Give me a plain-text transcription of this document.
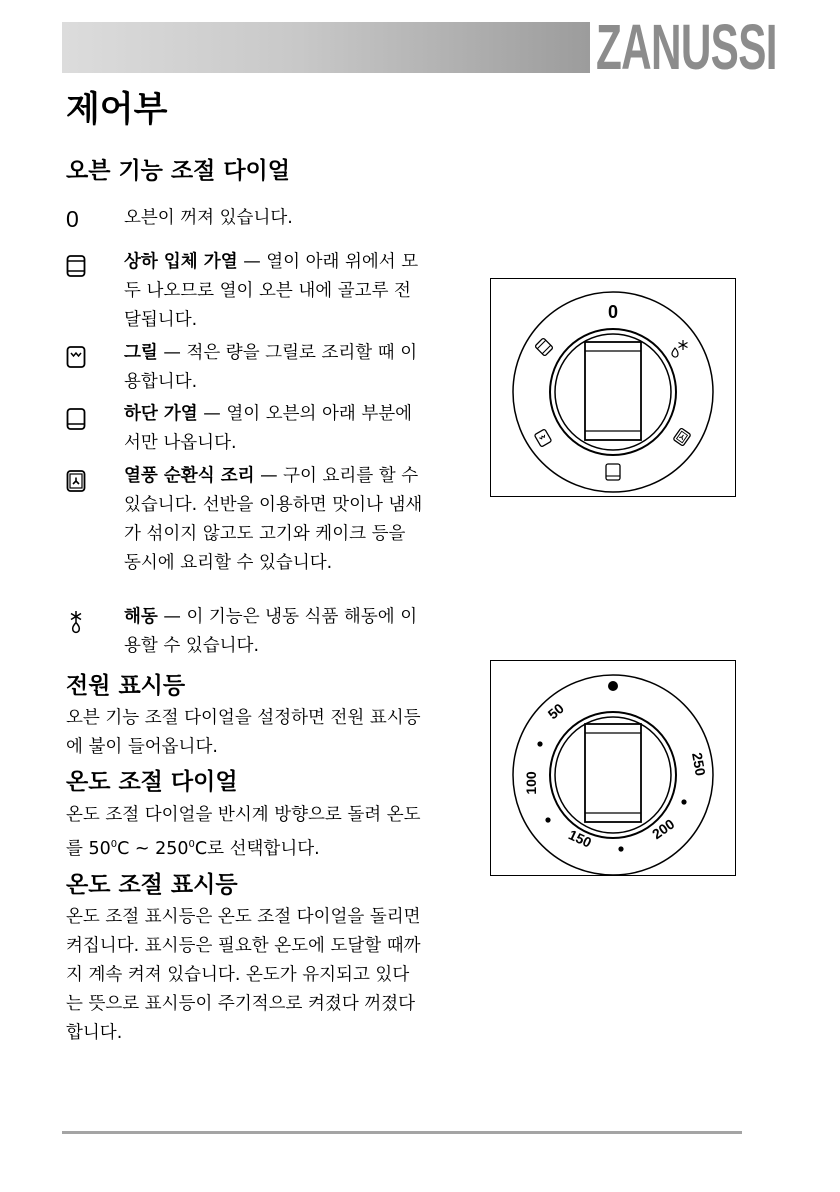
ZANUSSI
제어부
오븐 기능 조절 다이얼
0	오븐이 꺼져 있습니다.

상하 입체 가열 — 열이 아래 위에서 모두 나오므로 열이 오븐 내에 골고루 전달됩니다.

그릴 — 적은 량을 그릴로 조리할 때 이용합니다.

하단 가열 — 열이 오븐의 아래 부분에서만 나옵니다.

열풍 순환식 조리 — 구이 요리를 할 수 있습니다. 선반을 이용하면 맛이나 냄새가 섞이지 않고도 고기와 케이크 등을 동시에 요리할 수 있습니다.

해동 — 이 기능은 냉동 식품 해동에 이용할 수 있습니다.

전원 표시등

오븐 기능 조절 다이얼을 설정하면 전원 표시등에 불이 들어옵니다.

온도 조절 다이얼

온도 조절 다이얼을 반시계 방향으로 돌려 온도를 $50^0C$ ~ $250^0C$로 선택합니다.

온도 조절 표시등

온도 조절 표시등은 온도 조절 다이얼을 돌리면 켜집니다. 표시등은 필요한 온도에 도달할 때까지 계속 켜져 있습니다. 온도가 유지되고 있다는 뜻으로 표시등이 주기적으로 켜졌다 꺼졌다 합니다.

0
50
100
150	200
250
